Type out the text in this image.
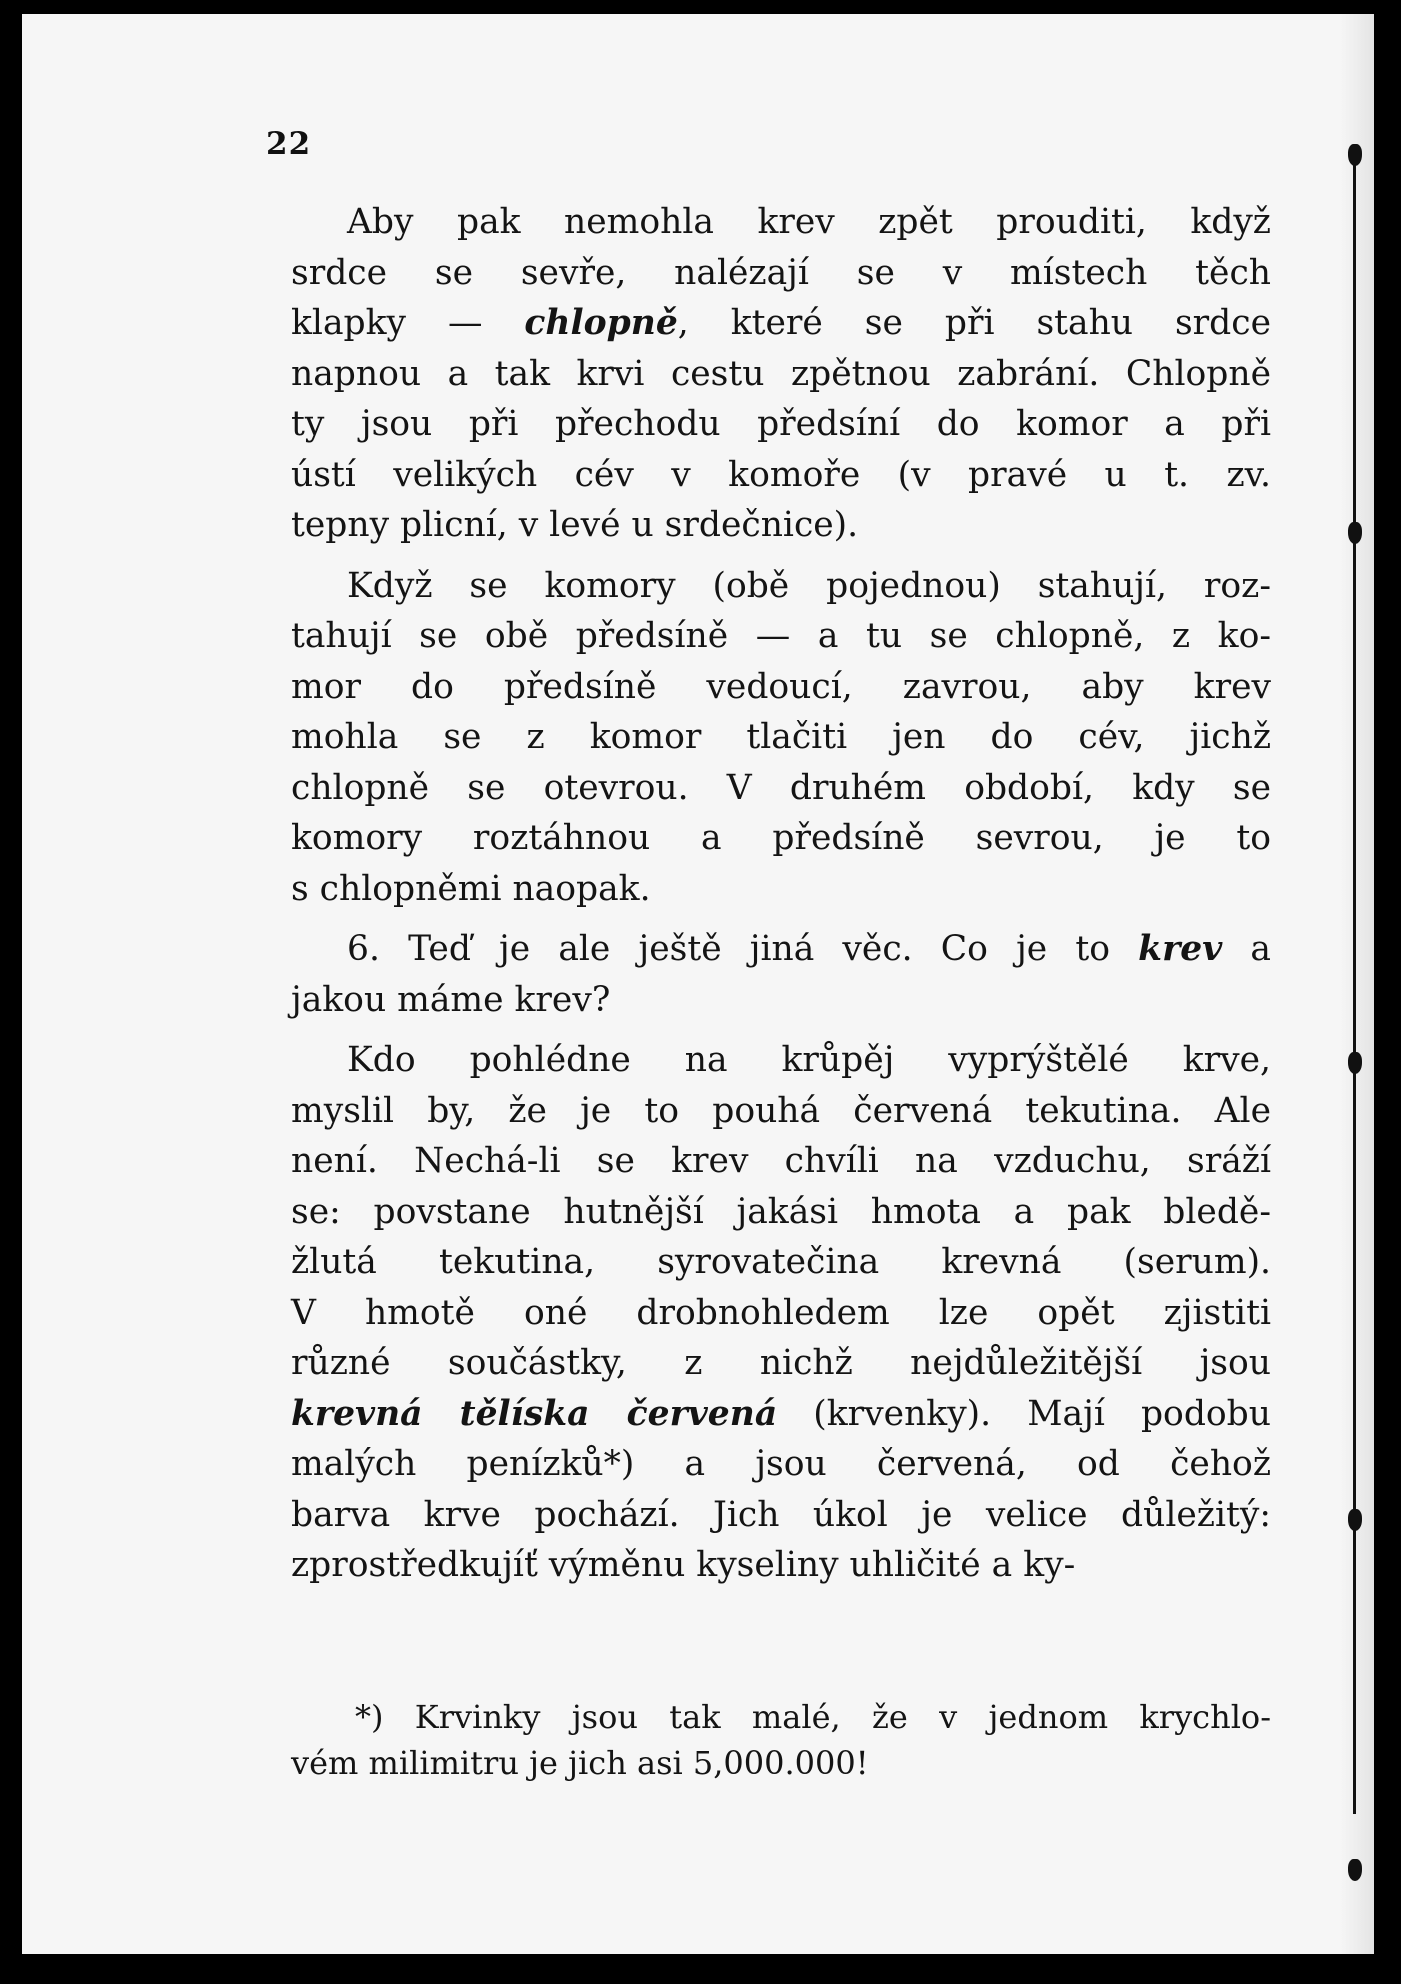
22
Aby pak nemohla krev zpět prouditi, když
srdce se sevře, nalézají se v místech těch
klapky — chlopně, které se při stahu srdce
napnou a tak krvi cestu zpětnou zabrání. Chlopně
ty jsou při přechodu předsíní do komor a při
ústí velikých cév v komoře (v pravé u t. zv.
tepny plicní, v levé u srdečnice).
Když se komory (obě pojednou) stahují, roz-
tahují se obě předsíně — a tu se chlopně, z ko-
mor do předsíně vedoucí, zavrou, aby krev
mohla se z komor tlačiti jen do cév, jichž
chlopně se otevrou. V druhém období, kdy se
komory roztáhnou a předsíně sevrou, je to
s chlopněmi naopak.
6. Teď je ale ještě jiná věc. Co je to krev a
jakou máme krev?
Kdo pohlédne na krůpěj vyprýštělé krve,
myslil by, že je to pouhá červená tekutina. Ale
není. Nechá-li se krev chvíli na vzduchu, sráží
se: povstane hutnější jakási hmota a pak bledě-
žlutá tekutina, syrovatečina krevná (serum).
V hmotě oné drobnohledem lze opět zjistiti
různé součástky, z nichž nejdůležitější jsou
krevná tělíska červená (krvenky). Mají podobu
malých penízků*) a jsou červená, od čehož
barva krve pochází. Jich úkol je velice důležitý:
zprostředkujíť výměnu kyseliny uhličité a ky-
*) Krvinky jsou tak malé, že v jednom krychlo-
vém milimitru je jich asi 5,000.000!
